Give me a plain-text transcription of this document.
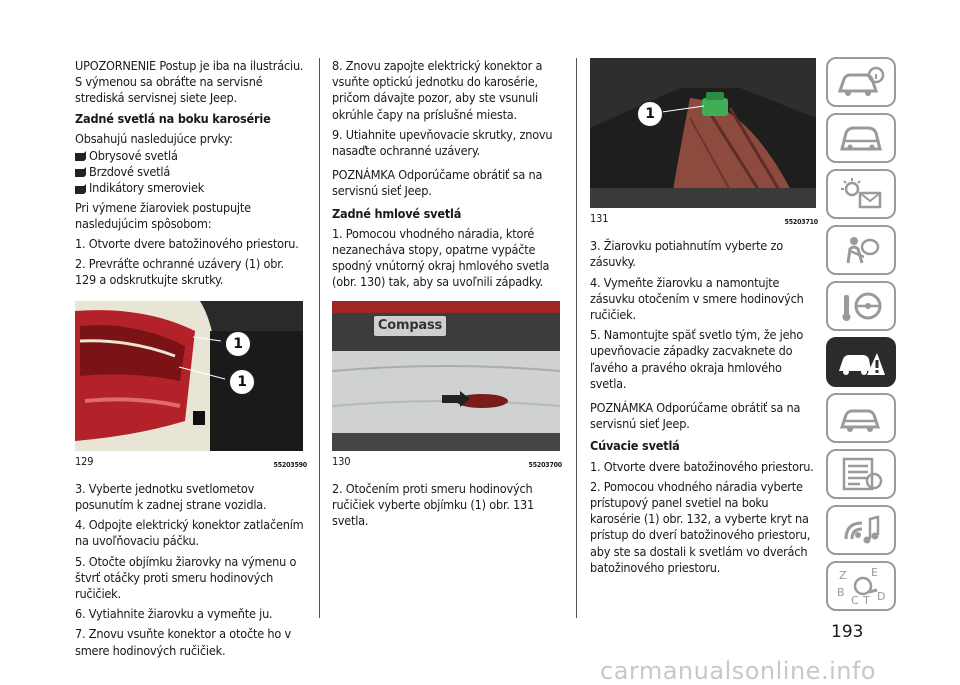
UPOZORNENIE Postup je iba na ilustráciu. S výmenou sa obráťte na servisné strediská servisnej siete Jeep.

Zadné svetlá na boku karosérie

Obsahujú nasledujúce prvky:

Obrysové svetlá
Brzdové svetlá
Indikátory smeroviek

Pri výmene žiaroviek postupujte nasledujúcim spôsobom:

1. Otvorte dvere batožinového priestoru.

2. Prevráťte ochranné uzávery (1) obr. 129 a odskrutkujte skrutky.

1
1
129	55203590

3. Vyberte jednotku svetlometov posunutím k zadnej strane vozidla.

4. Odpojte elektrický konektor zatlačením na uvoľňovaciu páčku.

5. Otočte objímku žiarovky na výmenu o štvrť otáčky proti smeru hodinových ručičiek.

6. Vytiahnite žiarovku a vymeňte ju.

7. Znovu vsuňte konektor a otočte ho v smere hodinových ručičiek.

8. Znovu zapojte elektrický konektor a vsuňte optickú jednotku do karosérie, pričom dávajte pozor, aby ste vsunuli okrúhle čapy na príslušné miesta.

9. Utiahnite upevňovacie skrutky, znovu nasaďte ochranné uzávery.

POZNÁMKA Odporúčame obrátiť sa na servisnú sieť Jeep.

Zadné hmlové svetlá

1. Pomocou vhodného náradia, ktoré nezanecháva stopy, opatrne vypáčte spodný vnútorný okraj hmlového svetla (obr. 130) tak, aby sa uvoľnili západky.

Compass
130	55203700

2. Otočením proti smeru hodinových ručičiek vyberte objímku (1) obr. 131 svetla.

1
131	55203710

3. Žiarovku potiahnutím vyberte zo zásuvky.

4. Vymeňte žiarovku a namontujte zásuvku otočením v smere hodinových ručičiek.

5. Namontujte späť svetlo tým, že jeho upevňovacie západky zacvaknete do ľavého a pravého okraja hmlového svetla.

POZNÁMKA Odporúčame obrátiť sa na servisnú sieť Jeep.

Cúvacie svetlá

1. Otvorte dvere batožinového priestoru.

2. Pomocou vhodného náradia vyberte prístupový panel svetiel na boku karosérie (1) obr. 132, a vyberte kryt na prístup do dverí batožinového priestoru, aby ste sa dostali k svetlám vo dverách batožinového priestoru.

Z E
B
C T D
193
carmanualsonline.info
